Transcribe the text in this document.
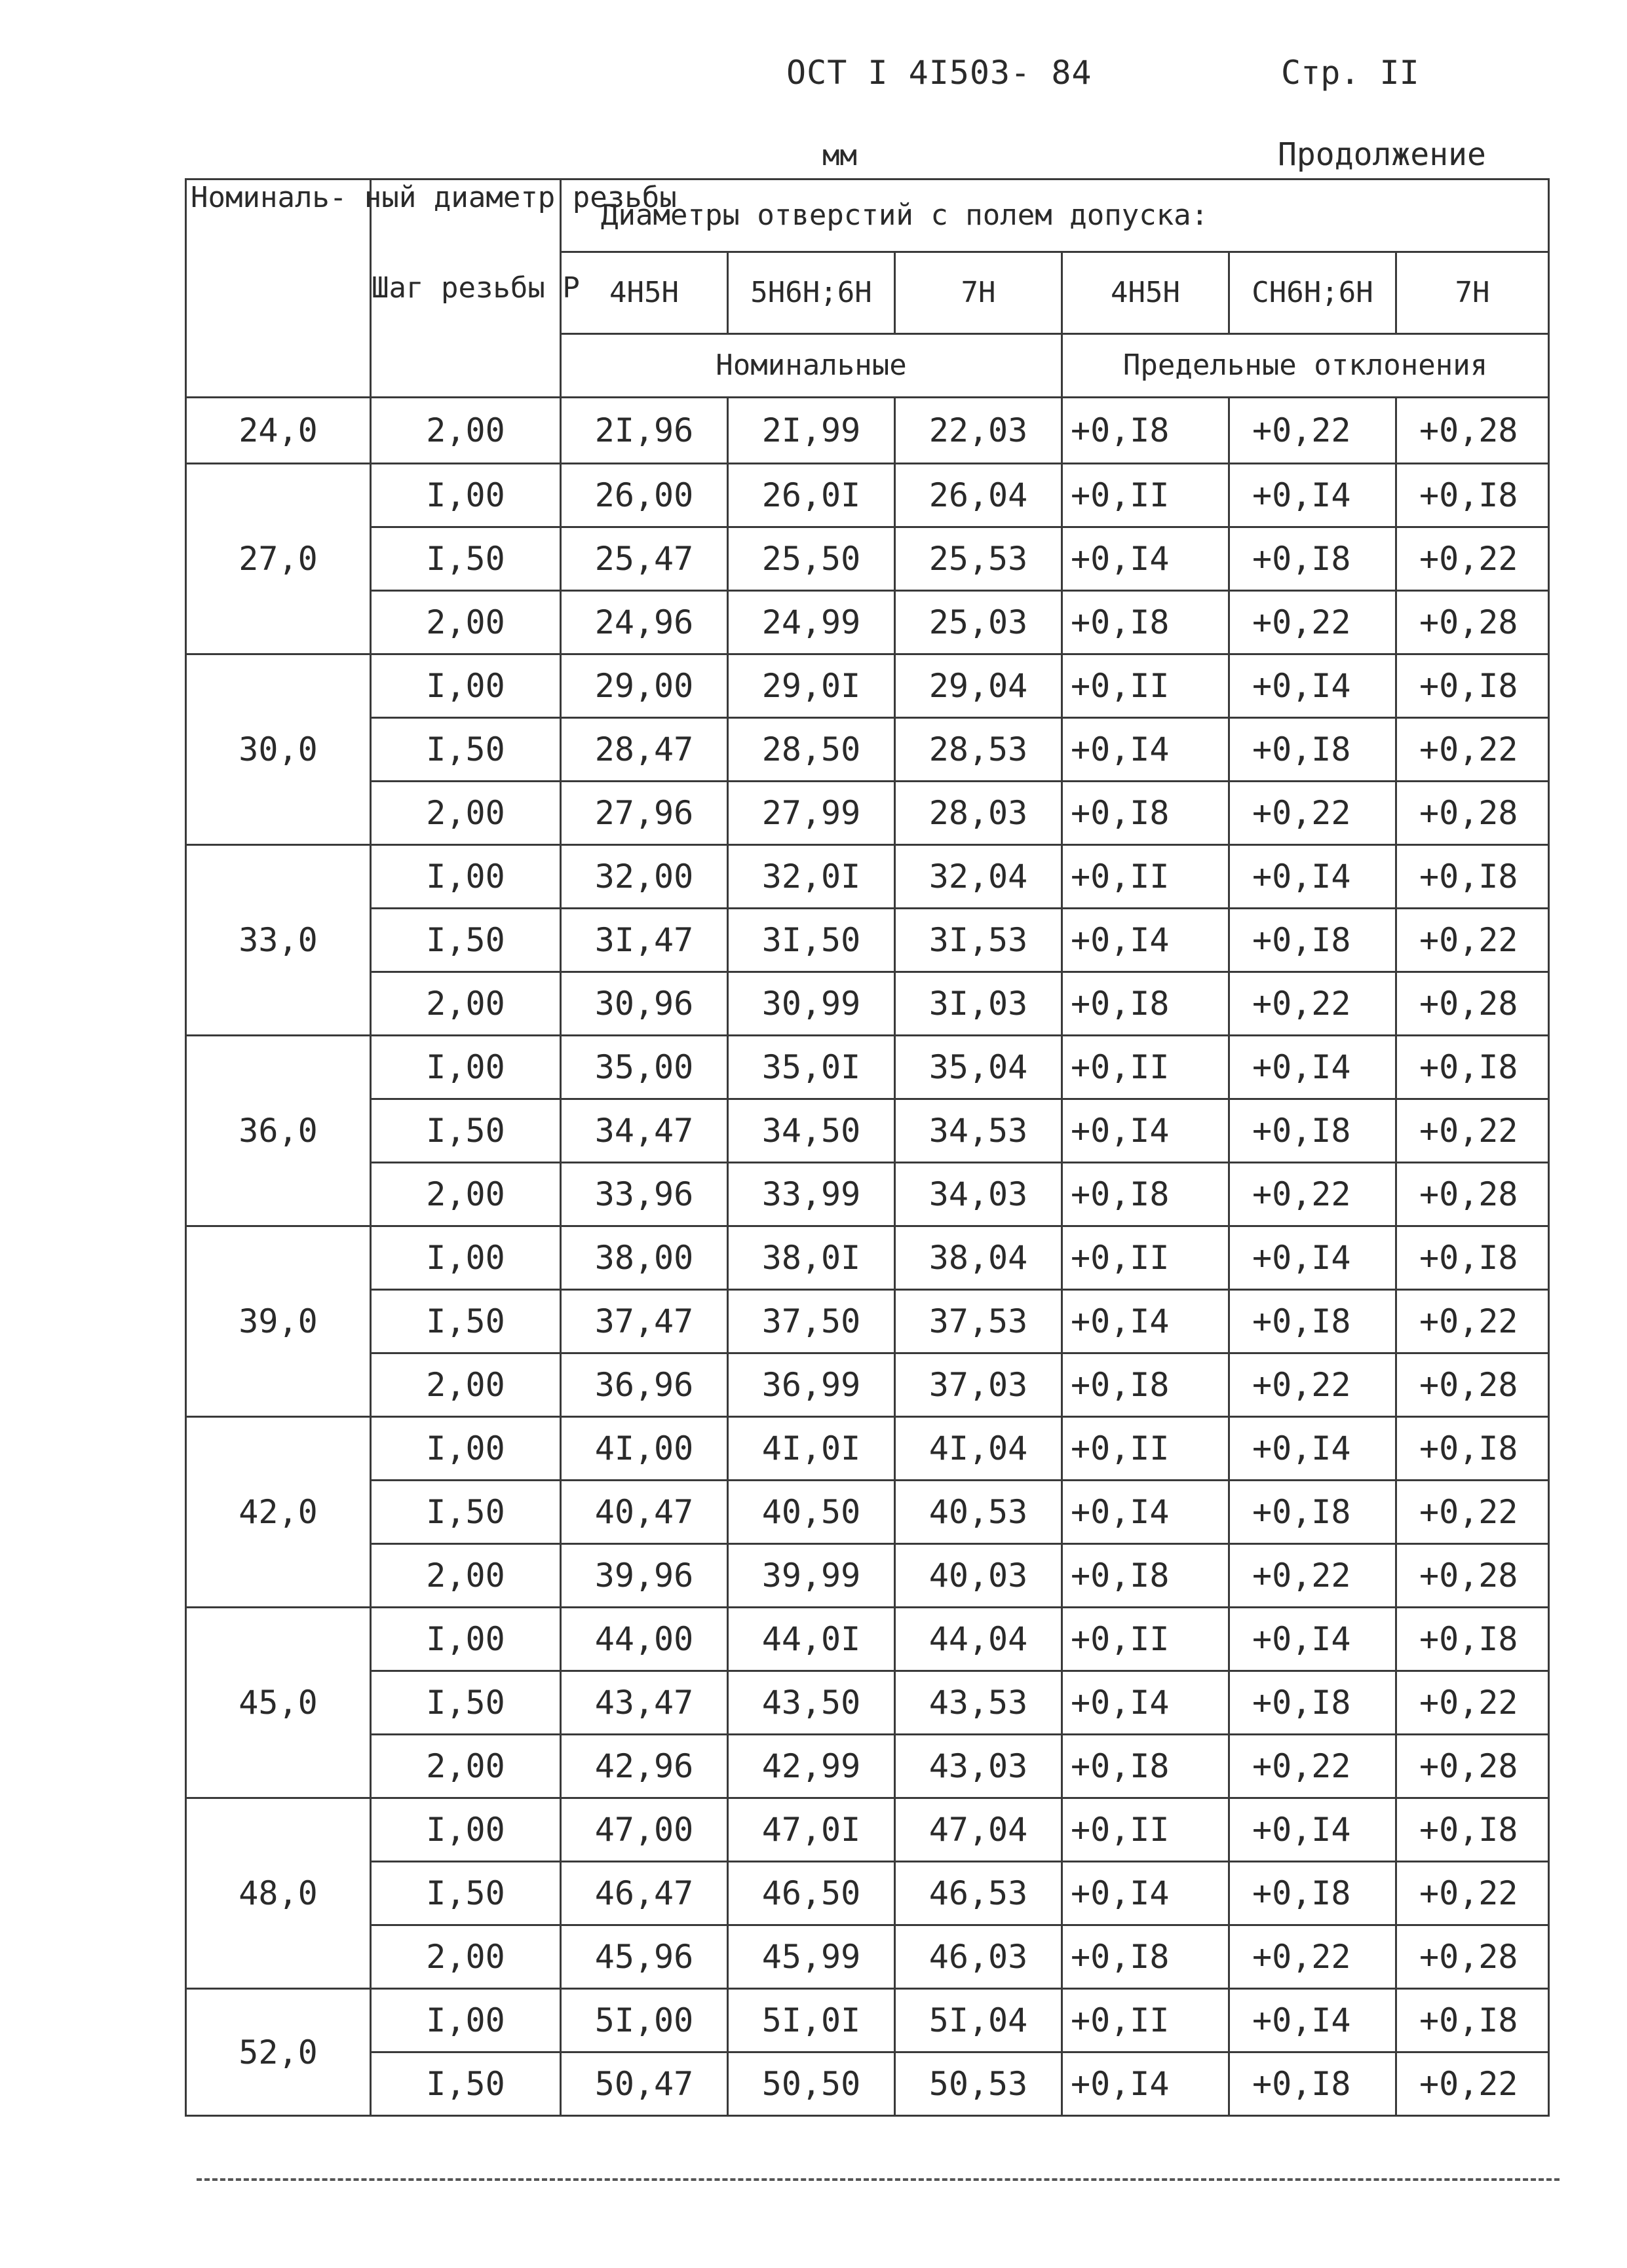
ОСТ I 4I503- 84	Стр. II
мм	Продолжение
Номиналь- ный диаметр резьбы	Шаг резьбы Р	Диаметры отверстий с полем допуска:					
		4Н5Н	5Н6Н;6Н	7Н	4Н5Н	СН6Н;6Н	7Н
		Номинальные			Предельные отклонения		
24,0	2,00	2I,96	2I,99	22,03	+0,I8	+0,22	+0,28
27,0	I,00	26,00	26,0I	26,04	+0,II	+0,I4	+0,I8
	I,50	25,47	25,50	25,53	+0,I4	+0,I8	+0,22
	2,00	24,96	24,99	25,03	+0,I8	+0,22	+0,28
30,0	I,00	29,00	29,0I	29,04	+0,II	+0,I4	+0,I8
	I,50	28,47	28,50	28,53	+0,I4	+0,I8	+0,22
	2,00	27,96	27,99	28,03	+0,I8	+0,22	+0,28
33,0	I,00	32,00	32,0I	32,04	+0,II	+0,I4	+0,I8
	I,50	3I,47	3I,50	3I,53	+0,I4	+0,I8	+0,22
	2,00	30,96	30,99	3I,03	+0,I8	+0,22	+0,28
36,0	I,00	35,00	35,0I	35,04	+0,II	+0,I4	+0,I8
	I,50	34,47	34,50	34,53	+0,I4	+0,I8	+0,22
	2,00	33,96	33,99	34,03	+0,I8	+0,22	+0,28
39,0	I,00	38,00	38,0I	38,04	+0,II	+0,I4	+0,I8
	I,50	37,47	37,50	37,53	+0,I4	+0,I8	+0,22
	2,00	36,96	36,99	37,03	+0,I8	+0,22	+0,28
42,0	I,00	4I,00	4I,0I	4I,04	+0,II	+0,I4	+0,I8
	I,50	40,47	40,50	40,53	+0,I4	+0,I8	+0,22
	2,00	39,96	39,99	40,03	+0,I8	+0,22	+0,28
45,0	I,00	44,00	44,0I	44,04	+0,II	+0,I4	+0,I8
	I,50	43,47	43,50	43,53	+0,I4	+0,I8	+0,22
	2,00	42,96	42,99	43,03	+0,I8	+0,22	+0,28
48,0	I,00	47,00	47,0I	47,04	+0,II	+0,I4	+0,I8
	I,50	46,47	46,50	46,53	+0,I4	+0,I8	+0,22
	2,00	45,96	45,99	46,03	+0,I8	+0,22	+0,28
52,0	I,00	5I,00	5I,0I	5I,04	+0,II	+0,I4	+0,I8
	I,50	50,47	50,50	50,53	+0,I4	+0,I8	+0,22
